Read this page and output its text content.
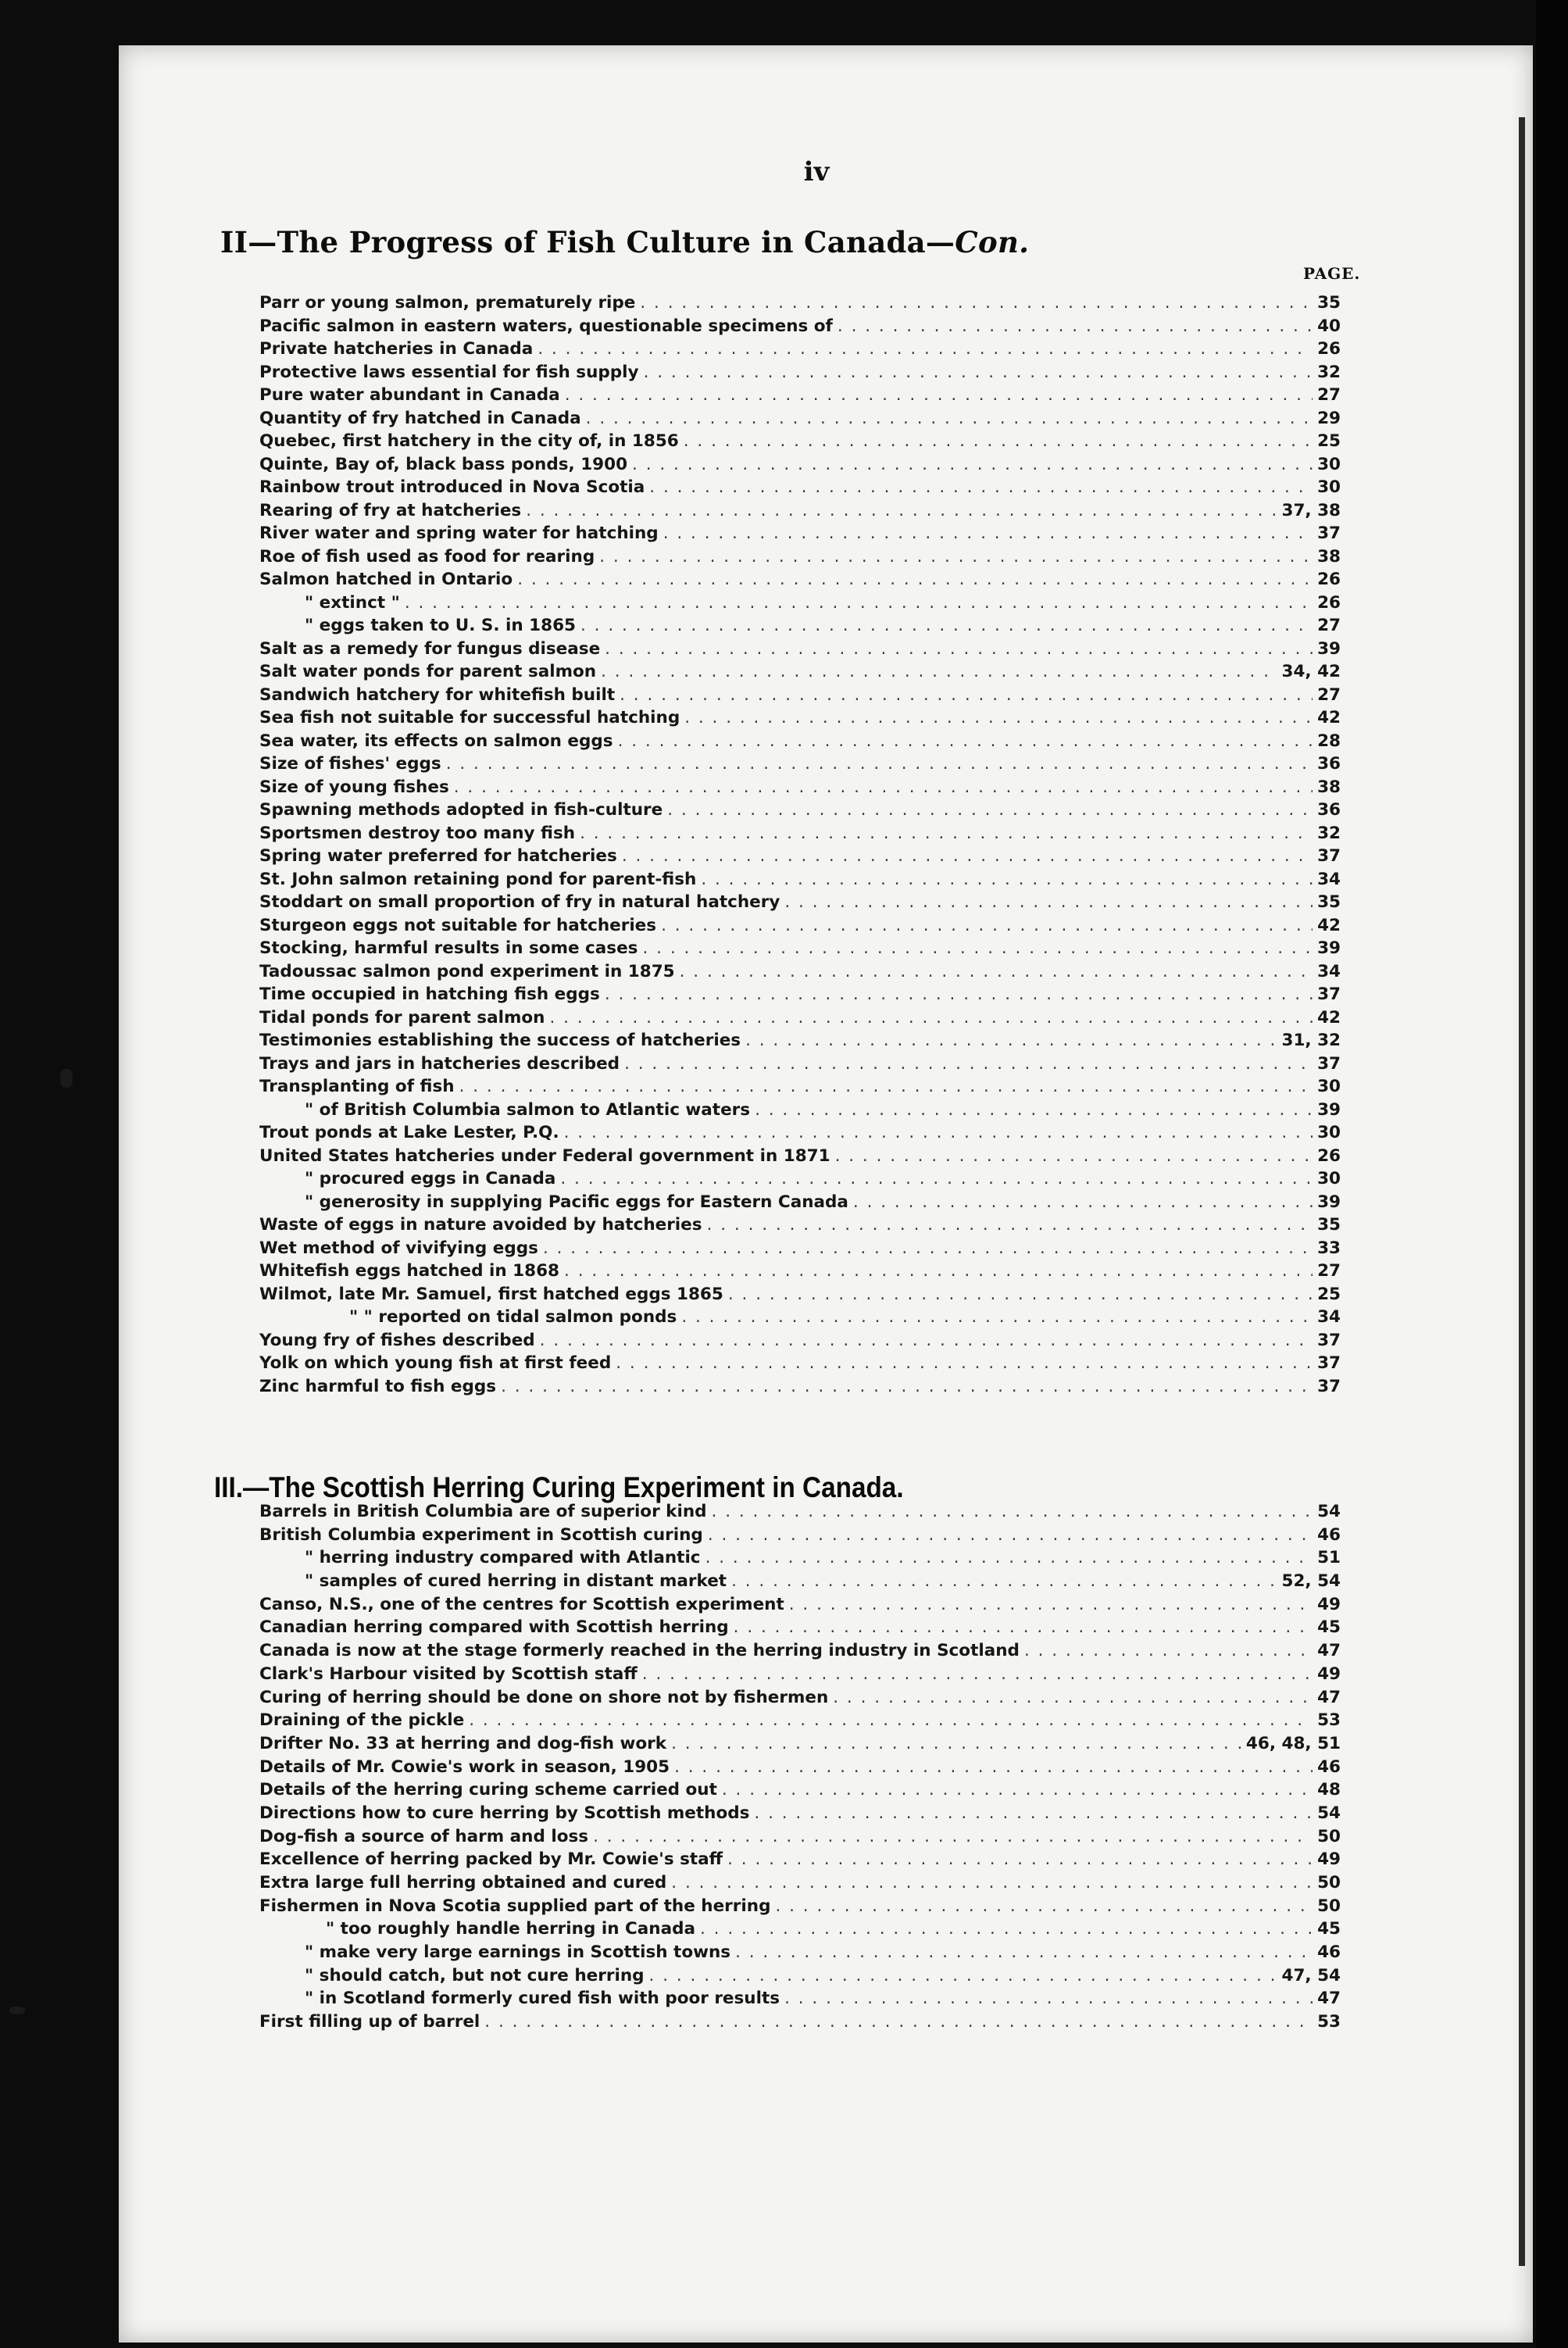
iv
II—The Progress of Fish Culture in Canada—Con.
PAGE.
Parr or young salmon, prematurely ripe . . .	35
Pacific salmon in eastern waters, questionable specimens of . . .	40
Private hatcheries in Canada . . .	26
Protective laws essential for fish supply . . .	32
Pure water abundant in Canada . . .	27
Quantity of fry hatched in Canada . . .	29
Quebec, first hatchery in the city of, in 1856 . . .	25
Quinte, Bay of, black bass ponds, 1900 . . .	30
Rainbow trout introduced in Nova Scotia . . .	30
Rearing of fry at hatcheries . . .	37, 38
River water and spring water for hatching . . .	37
Roe of fish used as food for rearing . . .	38
Salmon hatched in Ontario . . .	26
" extinct " . . .	26
" eggs taken to U. S. in 1865 . . .	27
Salt as a remedy for fungus disease . . .	39
Salt water ponds for parent salmon . . .	34, 42
Sandwich hatchery for whitefish built . . .	27
Sea fish not suitable for successful hatching . . .	42
Sea water, its effects on salmon eggs . . .	28
Size of fishes' eggs . . .	36
Size of young fishes . . .	38
Spawning methods adopted in fish-culture . . .	36
Sportsmen destroy too many fish . . .	32
Spring water preferred for hatcheries . . .	37
St. John salmon retaining pond for parent-fish . . .	34
Stoddart on small proportion of fry in natural hatchery . . .	35
Sturgeon eggs not suitable for hatcheries . . .	42
Stocking, harmful results in some cases . . .	39
Tadoussac salmon pond experiment in 1875 . . .	34
Time occupied in hatching fish eggs . . .	37
Tidal ponds for parent salmon . . .	42
Testimonies establishing the success of hatcheries . . .	31, 32
Trays and jars in hatcheries described . . .	37
Transplanting of fish . . .	30
" of British Columbia salmon to Atlantic waters . . .	39
Trout ponds at Lake Lester, P.Q. . . .	30
United States hatcheries under Federal government in 1871 . . .	26
" procured eggs in Canada . . .	30
" generosity in supplying Pacific eggs for Eastern Canada . . .	39
Waste of eggs in nature avoided by hatcheries . . .	35
Wet method of vivifying eggs . . .	33
Whitefish eggs hatched in 1868 . . .	27
Wilmot, late Mr. Samuel, first hatched eggs 1865 . . .	25
" " reported on tidal salmon ponds . . .	34
Young fry of fishes described . . .	37
Yolk on which young fish at first feed . . .	37
Zinc harmful to fish eggs . . .	37
III.—The Scottish Herring Curing Experiment in Canada.
Barrels in British Columbia are of superior kind . . .	54
British Columbia experiment in Scottish curing . . .	46
" herring industry compared with Atlantic . . .	51
" samples of cured herring in distant market . . .	52, 54
Canso, N.S., one of the centres for Scottish experiment . . .	49
Canadian herring compared with Scottish herring . . .	45
Canada is now at the stage formerly reached in the herring industry in Scotland . . .	47
Clark's Harbour visited by Scottish staff . . .	49
Curing of herring should be done on shore not by fishermen . . .	47
Draining of the pickle . . .	53
Drifter No. 33 at herring and dog-fish work . . .	46, 48, 51
Details of Mr. Cowie's work in season, 1905 . . .	46
Details of the herring curing scheme carried out . . .	48
Directions how to cure herring by Scottish methods . . .	54
Dog-fish a source of harm and loss . . .	50
Excellence of herring packed by Mr. Cowie's staff . . .	49
Extra large full herring obtained and cured . . .	50
Fishermen in Nova Scotia supplied part of the herring . . .	50
" too roughly handle herring in Canada . . .	45
" make very large earnings in Scottish towns . . .	46
" should catch, but not cure herring . . .	47, 54
" in Scotland formerly cured fish with poor results . . .	47
First filling up of barrel . . .	53
